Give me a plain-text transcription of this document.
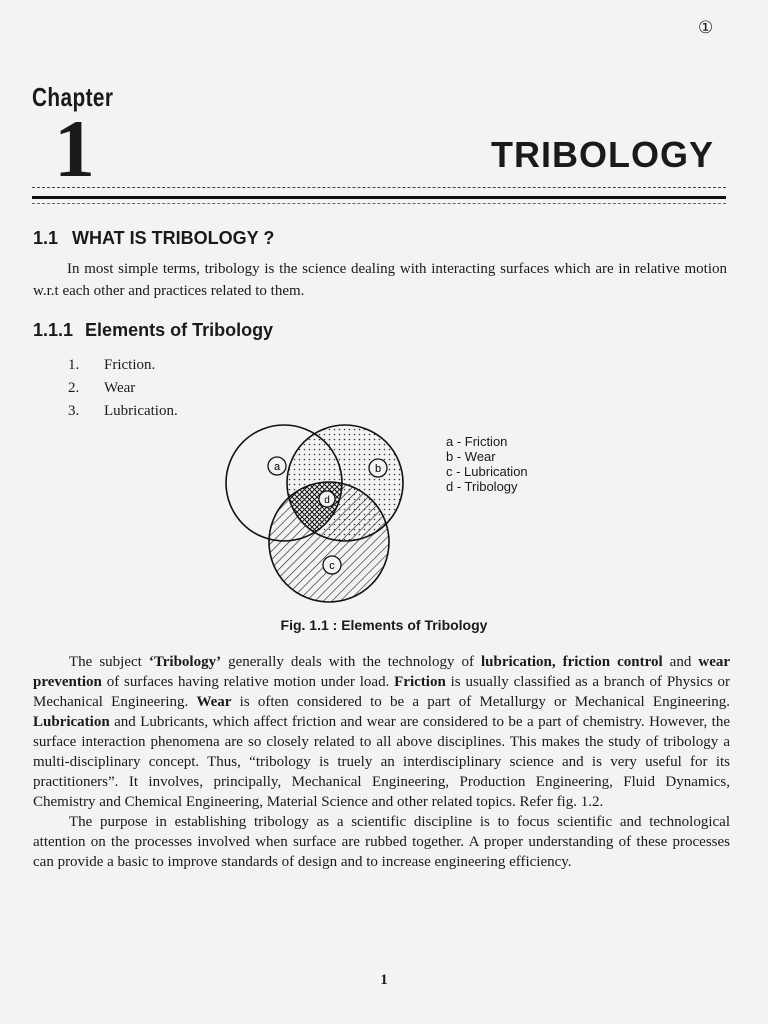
①
Chapter
1	TRIBOLOGY
1.1 WHAT IS TRIBOLOGY ?
In most simple terms, tribology is the science dealing with interacting surfaces which are in relative motion w.r.t each other and practices related to them.
1.1.1 Elements of Tribology
1. Friction.
2. Wear
3. Lubrication.
a	b
c
d
a - Friction
b - Wear
c - Lubrication
d - Tribology
Fig. 1.1 : Elements of Tribology

The subject ‘Tribology’ generally deals with the technology of lubrication, friction control and wear prevention of surfaces having relative motion under load. Friction is usually classified as a branch of Physics or Mechanical Engineering. Wear is often considered to be a part of Metallurgy or Mechanical Engineering. Lubrication and Lubricants, which affect friction and wear are considered to be a part of chemistry. However, the surface interaction phenomena are so closely related to all above disciplines. This makes the study of tribology a multi-disciplinary concept. Thus, “tribology is truely an interdisciplinary science and is very useful for its practitioners”. It involves, principally, Mechanical Engineering, Production Engineering, Fluid Dynamics, Chemistry and Chemical Engineering, Material Science and other related topics. Refer fig. 1.2.

The purpose in establishing tribology as a scientific discipline is to focus scientific and technological attention on the processes involved when surface are rubbed together. A proper understanding of these processes can provide a basic to improve standards of design and to increase engineering efficiency.

1
